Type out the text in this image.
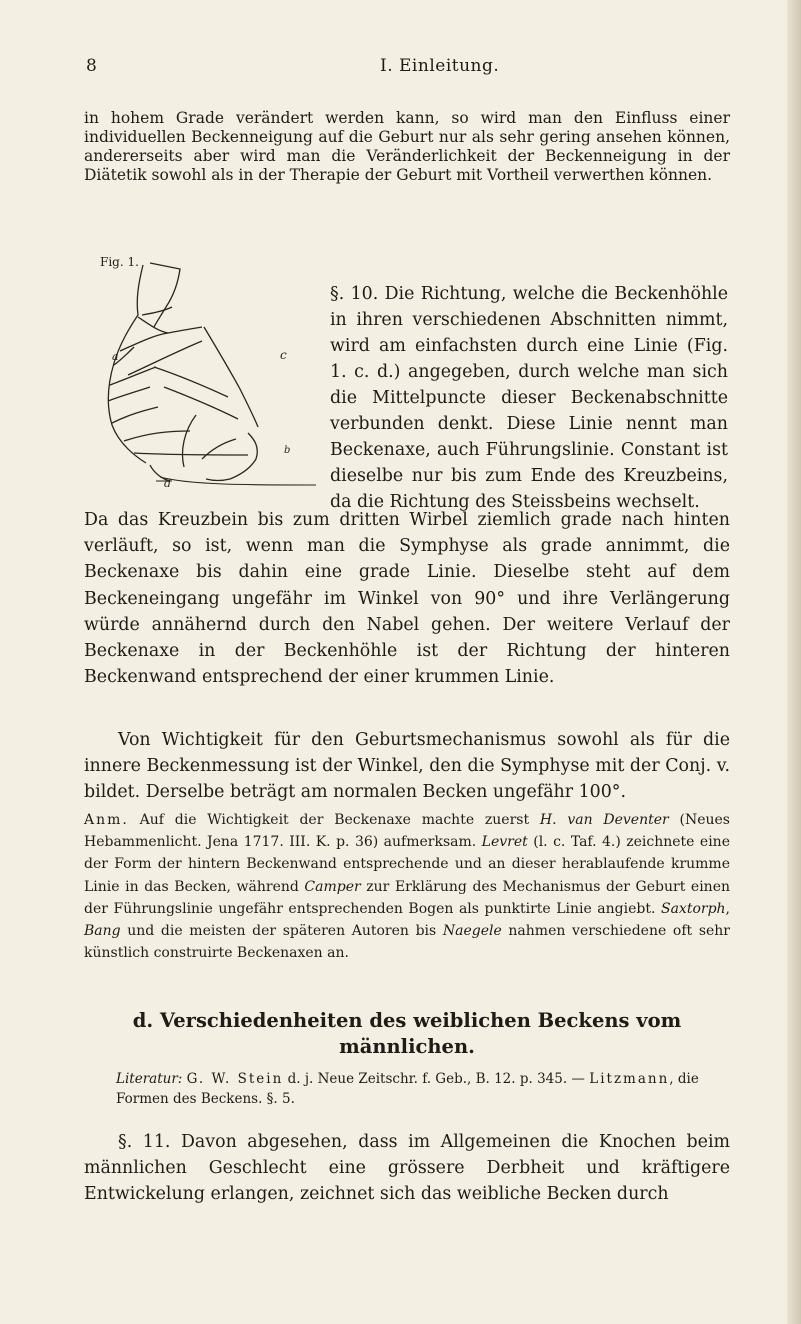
8	I. Einleitung.

in hohem Grade verändert werden kann, so wird man den Einfluss einer individuellen Beckenneigung auf die Geburt nur als sehr gering ansehen können, andererseits aber wird man die Veränderlichkeit der Beckenneigung in der Diätetik sowohl als in der Therapie der Geburt mit Vortheil verwerthen können.

Fig. 1.
a	c
b
d

§. 10. Die Richtung, welche die Beckenhöhle in ihren verschiedenen Abschnitten nimmt, wird am einfachsten durch eine Linie (Fig. 1. c. d.) angegeben, durch welche man sich die Mittelpuncte dieser Beckenabschnitte verbunden denkt. Diese Linie nennt man Beckenaxe, auch Führungslinie. Constant ist dieselbe nur bis zum Ende des Kreuzbeins, da die Richtung des Steissbeins wechselt.

Da das Kreuzbein bis zum dritten Wirbel ziemlich grade nach hinten verläuft, so ist, wenn man die Symphyse als grade annimmt, die Beckenaxe bis dahin eine grade Linie. Dieselbe steht auf dem Beckeneingang ungefähr im Winkel von 90° und ihre Verlängerung würde annähernd durch den Nabel gehen. Der weitere Verlauf der Beckenaxe in der Beckenhöhle ist der Richtung der hinteren Beckenwand entsprechend der einer krummen Linie.

Von Wichtigkeit für den Geburtsmechanismus sowohl als für die innere Beckenmessung ist der Winkel, den die Symphyse mit der Conj. v. bildet. Derselbe beträgt am normalen Becken ungefähr 100°.

Anm. Auf die Wichtigkeit der Beckenaxe machte zuerst H. van Deventer (Neues Hebammenlicht. Jena 1717. III. K. p. 36) aufmerksam. Levret (l. c. Taf. 4.) zeichnete eine der Form der hintern Beckenwand entsprechende und an dieser herablaufende krumme Linie in das Becken, während Camper zur Erklärung des Mechanismus der Geburt einen der Führungslinie ungefähr entsprechenden Bogen als punktirte Linie angiebt. Saxtorph, Bang und die meisten der späteren Autoren bis Naegele nahmen verschiedene oft sehr künstlich construirte Beckenaxen an.

d. Verschiedenheiten des weiblichen Beckens vom männlichen.

Literatur: G. W. Stein d. j. Neue Zeitschr. f. Geb., B. 12. p. 345. — Litzmann, die Formen des Beckens. §. 5.

§. 11. Davon abgesehen, dass im Allgemeinen die Knochen beim männlichen Geschlecht eine grössere Derbheit und kräftigere Entwickelung erlangen, zeichnet sich das weibliche Becken durch
